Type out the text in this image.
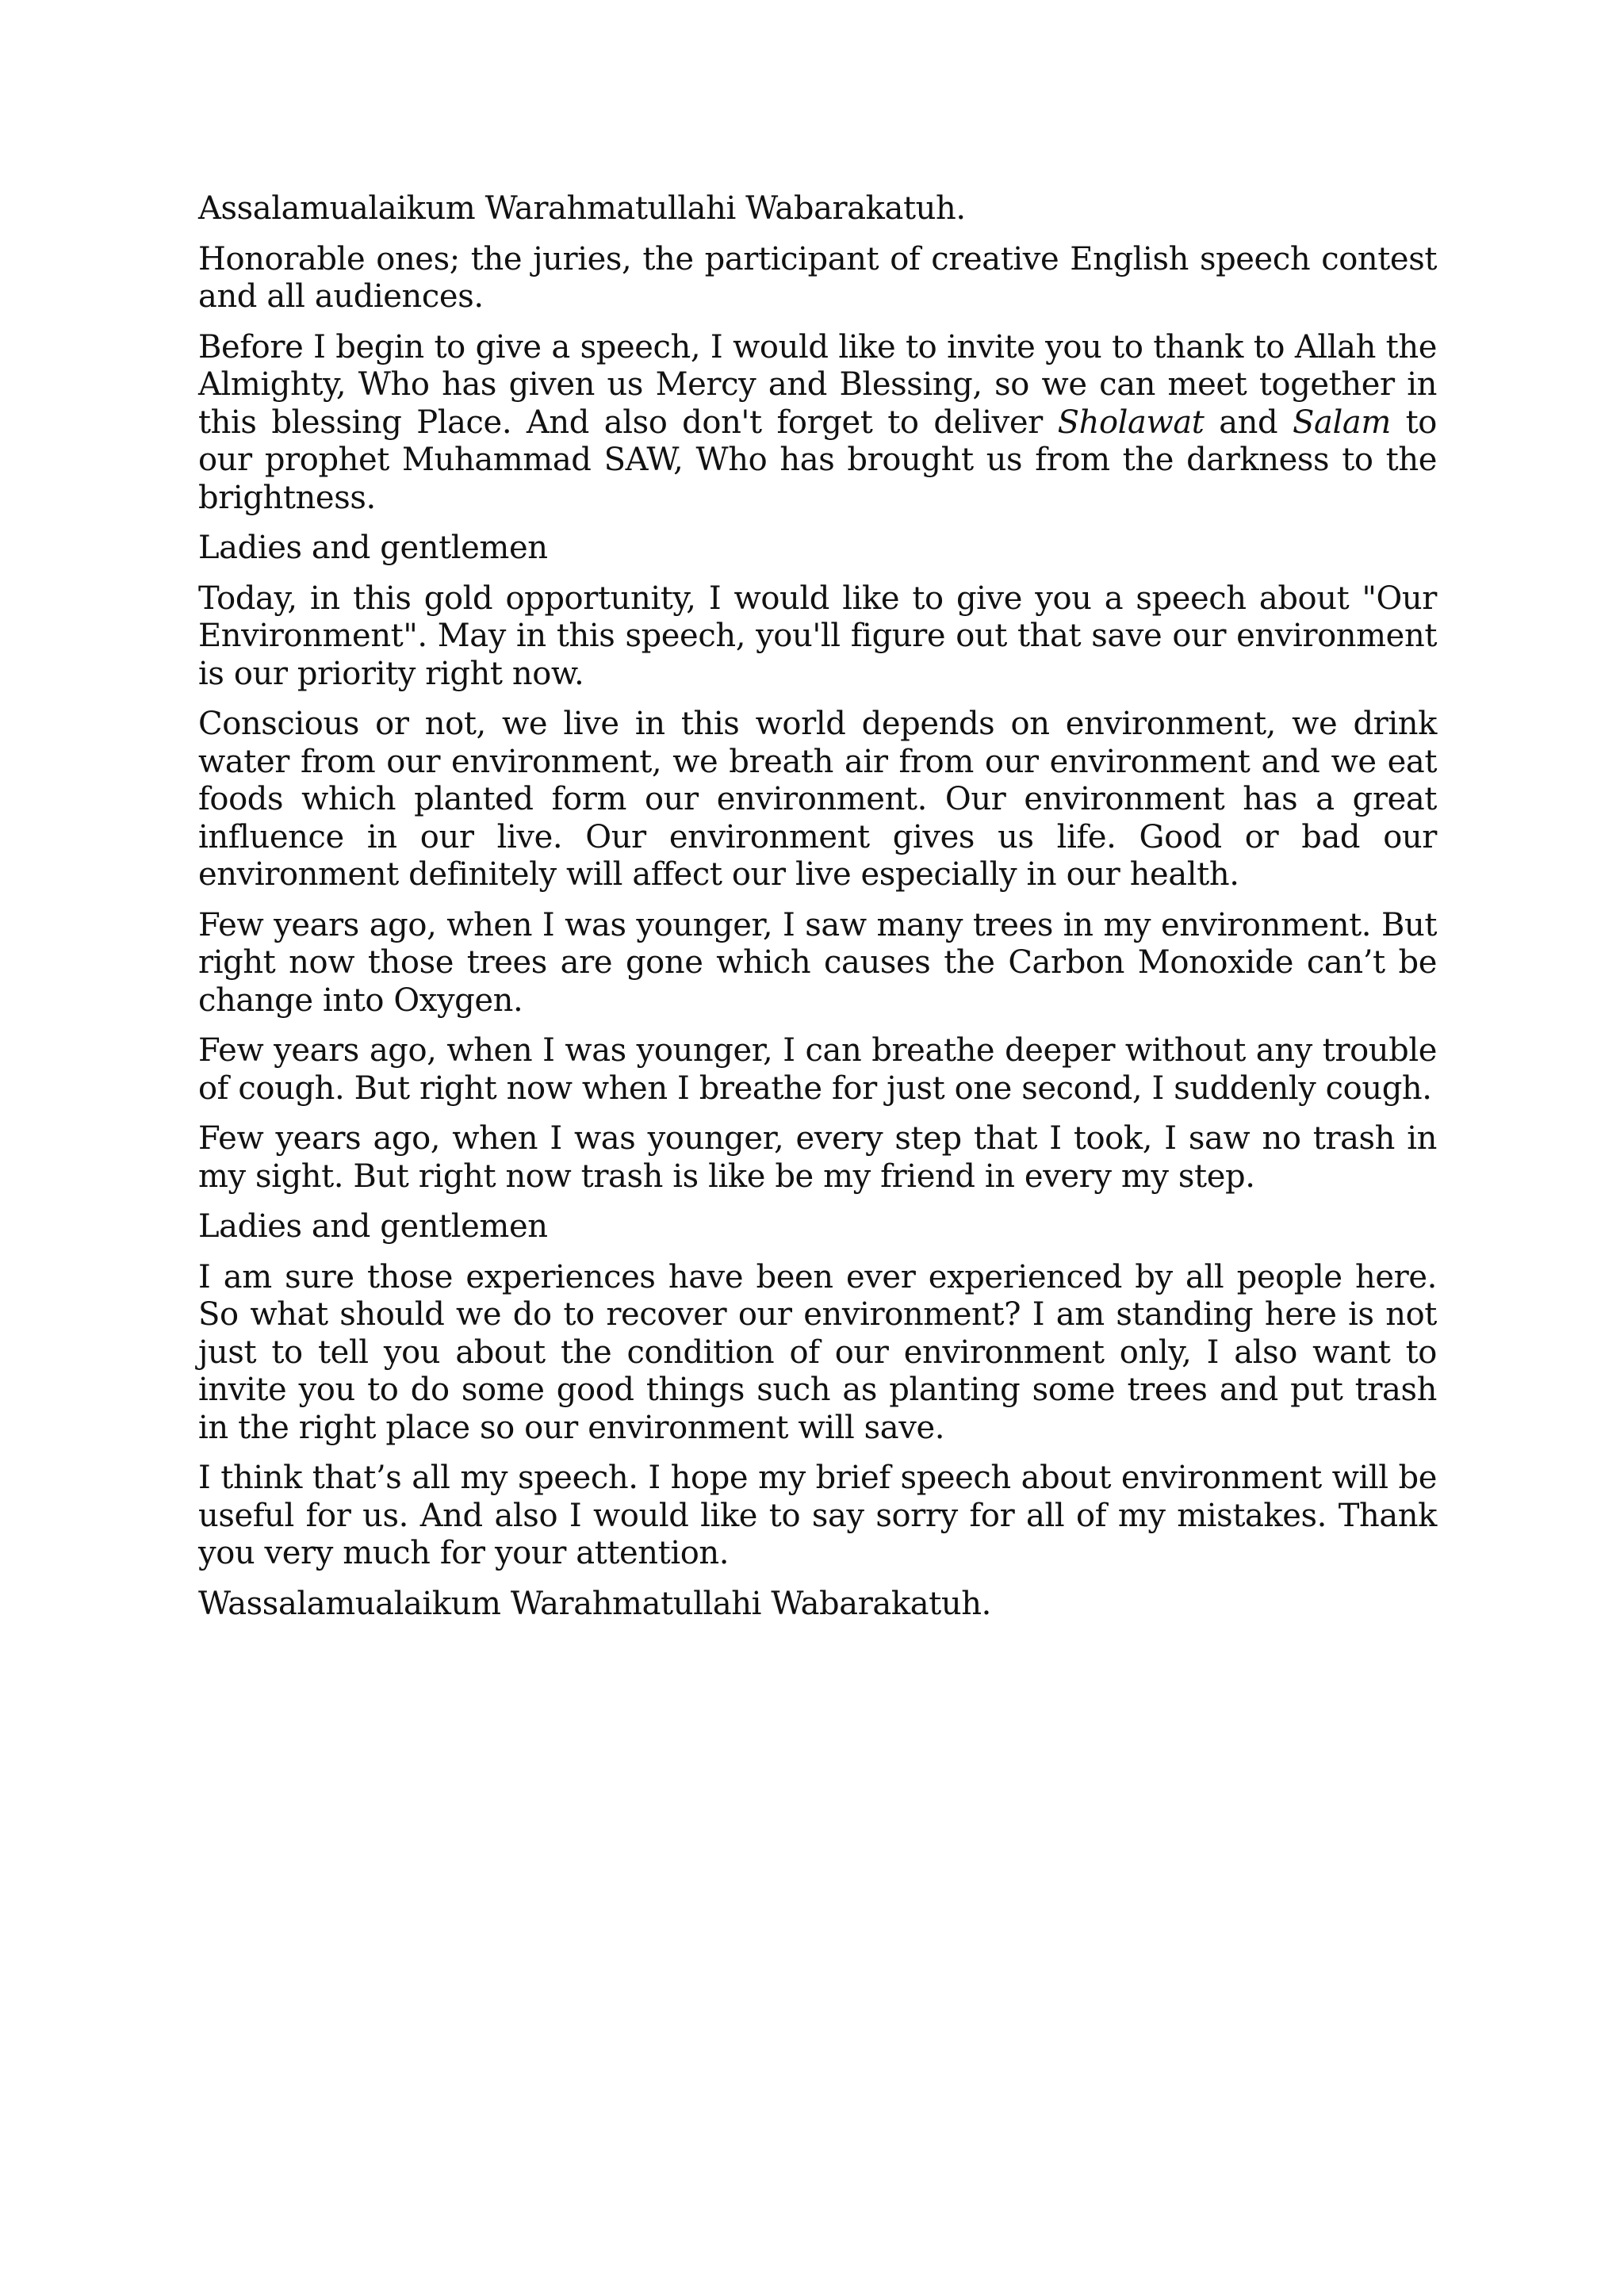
Assalamualaikum Warahmatullahi Wabarakatuh.

Honorable ones; the juries, the participant of creative English speech contest and all audiences.

Before I begin to give a speech, I would like to invite you to thank to Allah the Almighty, Who has given us Mercy and Blessing, so we can meet together in this blessing Place. And also don't forget to deliver Sholawat and Salam to our prophet Muhammad SAW, Who has brought us from the darkness to the brightness.

Ladies and gentlemen

Today, in this gold opportunity, I would like to give you a speech about "Our Environment". May in this speech, you'll figure out that save our environment is our priority right now.

Conscious or not, we live in this world depends on environment, we drink water from our environment, we breath air from our environment and we eat foods which planted form our environment. Our environment has a great influence in our live. Our environment gives us life. Good or bad our environment definitely will affect our live especially in our health.

Few years ago, when I was younger, I saw many trees in my environment. But right now those trees are gone which causes the Carbon Monoxide can’t be change into Oxygen.

Few years ago, when I was younger, I can breathe deeper without any trouble of cough. But right now when I breathe for just one second, I suddenly cough.

Few years ago, when I was younger, every step that I took, I saw no trash in my sight. But right now trash is like be my friend in every my step.

Ladies and gentlemen

I am sure those experiences have been ever experienced by all people here. So what should we do to recover our environment? I am standing here is not just to tell you about the condition of our environment only, I also want to invite you to do some good things such as planting some trees and put trash in the right place so our environment will save.

I think that’s all my speech. I hope my brief speech about environment will be useful for us. And also I would like to say sorry for all of my mistakes. Thank you very much for your attention.

Wassalamualaikum Warahmatullahi Wabarakatuh.
